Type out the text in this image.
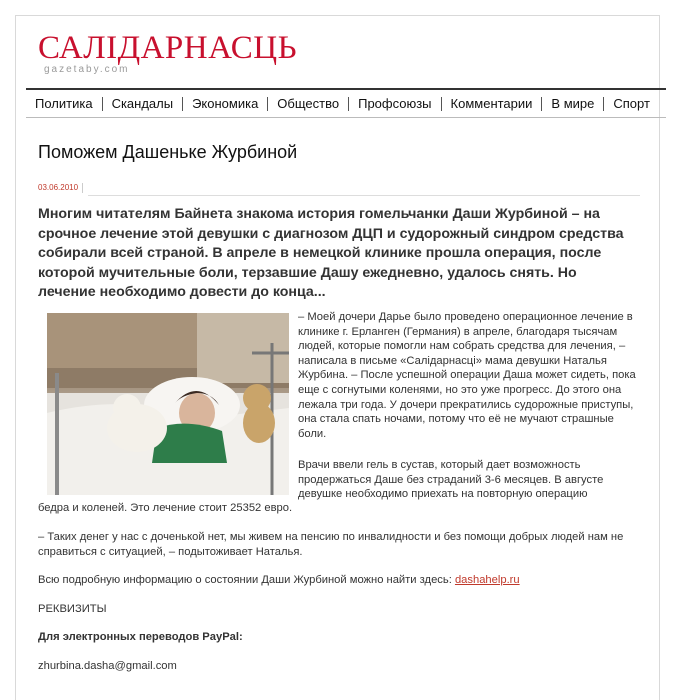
САЛIДАРНАСЦЬ
gazetaby.com
Политика	Скандалы	Экономика	Общество	Профсоюзы	Комментарии	В мире	Спорт
Поможем Дашеньке Журбиной
03.06.2010
Многим читателям Байнета знакома история гомельчанки Даши Журбиной – на срочное лечение этой девушки с диагнозом ДЦП и судорожный синдром средства собирали всей страной. В апреле в немецкой клинике прошла операция, после которой мучительные боли, терзавшие Дашу ежедневно, удалось снять. Но лечение необходимо довести до конца...
– Моей дочери Дарье было проведено операционное лечение в клинике г. Ерланген (Германия) в апреле, благодаря тысячам людей, которые помогли нам собрать средства для лечения, – написала в письме «Салідарнасці» мама девушки Наталья Журбина. – После успешной операции Даша может сидеть, пока еще с согнутыми коленями, но это уже прогресс. До этого она лежала три года. У дочери прекратились судорожные приступы, она стала спать ночами, потому что её не мучают страшные боли.
Врачи ввели гель в сустав, который дает возможность продержаться Даше без страданий 3-6 месяцев. В августе девушке необходимо приехать на повторную операцию
бедра и коленей. Это лечение стоит 25352 евро.
– Таких денег у нас с доченькой нет, мы живем на пенсию по инвалидности и без помощи добрых людей нам не справиться с ситуацией, – подытоживает Наталья.
Всю подробную информацию о состоянии Даши Журбиной можно найти здесь: dashahelp.ru
РЕКВИЗИТЫ
Для электронных переводов PayPal:
zhurbina.dasha@gmail.com
